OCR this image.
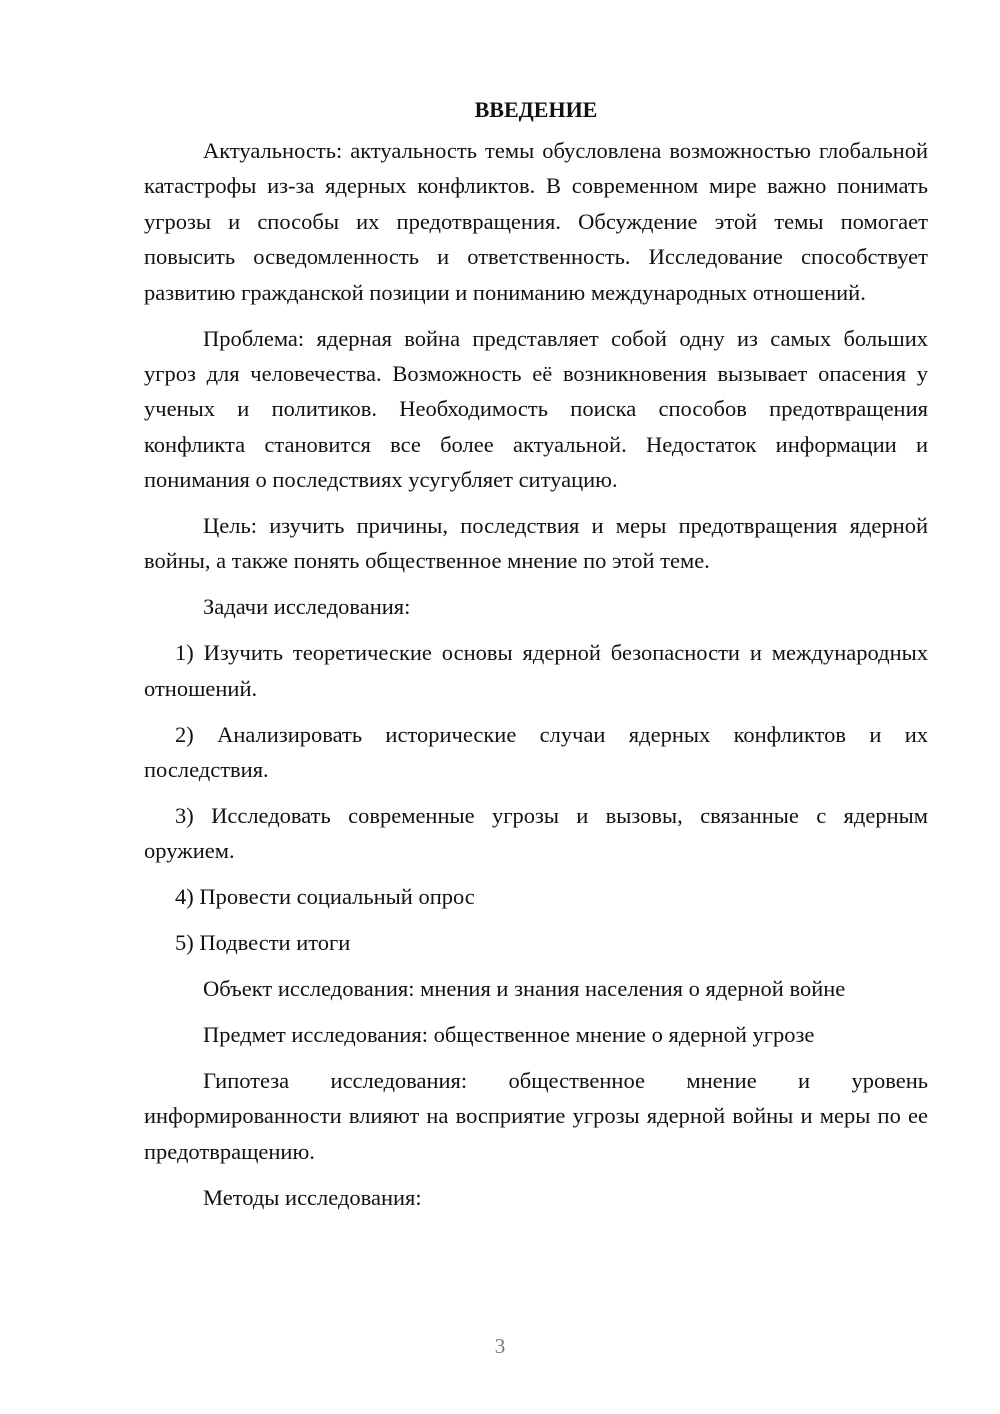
ВВЕДЕНИЕ

Актуальность: актуальность темы обусловлена возможностью глобальной катастрофы из-за ядерных конфликтов. В современном мире важно понимать угрозы и способы их предотвращения. Обсуждение этой темы помогает повысить осведомленность и ответственность. Исследование способствует развитию гражданской позиции и пониманию международных отношений.

Проблема: ядерная война представляет собой одну из самых больших угроз для человечества. Возможность её возникновения вызывает опасения у ученых и политиков. Необходимость поиска способов предотвращения конфликта становится все более актуальной. Недостаток информации и понимания о последствиях усугубляет ситуацию.

Цель: изучить причины, последствия и меры предотвращения ядерной войны, а также понять общественное мнение по этой теме.

Задачи исследования:

1) Изучить теоретические основы ядерной безопасности и международных отношений.

2) Анализировать исторические случаи ядерных конфликтов и их последствия.

3) Исследовать современные угрозы и вызовы, связанные с ядерным оружием.

4) Провести социальный опрос

5) Подвести итоги

Объект исследования: мнения и знания населения о ядерной войне

Предмет исследования: общественное мнение о ядерной угрозе

Гипотеза исследования: общественное мнение и уровень информированности влияют на восприятие угрозы ядерной войны и меры по ее предотвращению.

Методы исследования:

3
